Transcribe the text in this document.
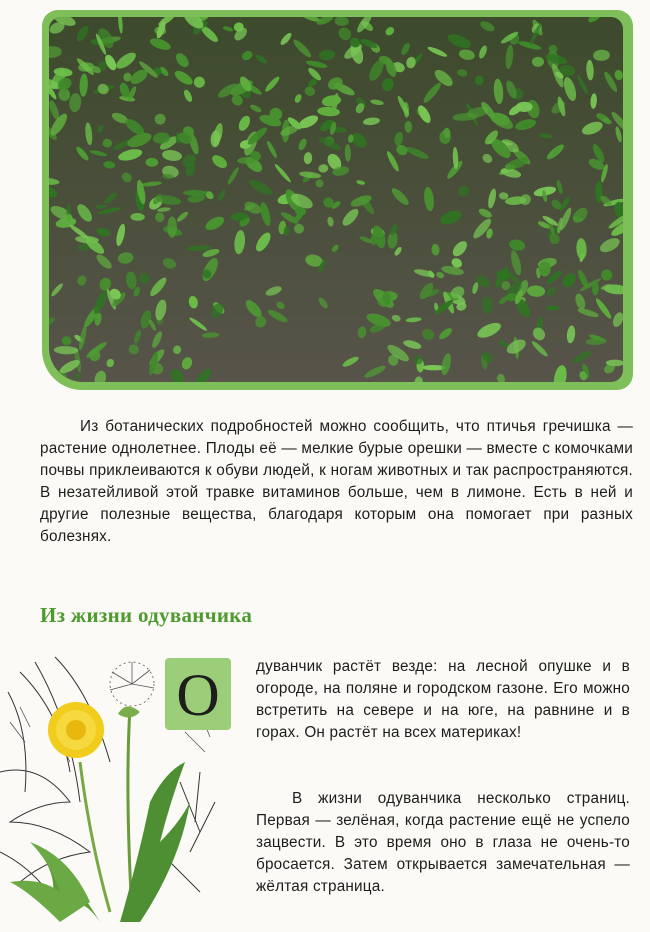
Из ботанических подробностей можно сообщить, что птичья гречишка — растение однолетнее. Плоды её — мелкие бурые орешки — вместе с комочками почвы приклеиваются к обуви людей, к ногам животных и так распространяются. В незатейливой этой травке витаминов больше, чем в лимоне. Есть в ней и другие полезные вещества, благодаря которым она помогает при разных болезнях.

Из жизни одуванчика
О дуванчик растёт везде: на лесной опушке и в огороде, на поляне и городском газоне. Его можно встретить на севере и на юге, на равнине и в горах. Он растёт на всех материках!

В жизни одуванчика несколько страниц. Первая — зелёная, когда растение ещё не успело зацвести. В это время оно в глаза не очень-то бросается. Затем открывается замечательная — жёлтая страница.
